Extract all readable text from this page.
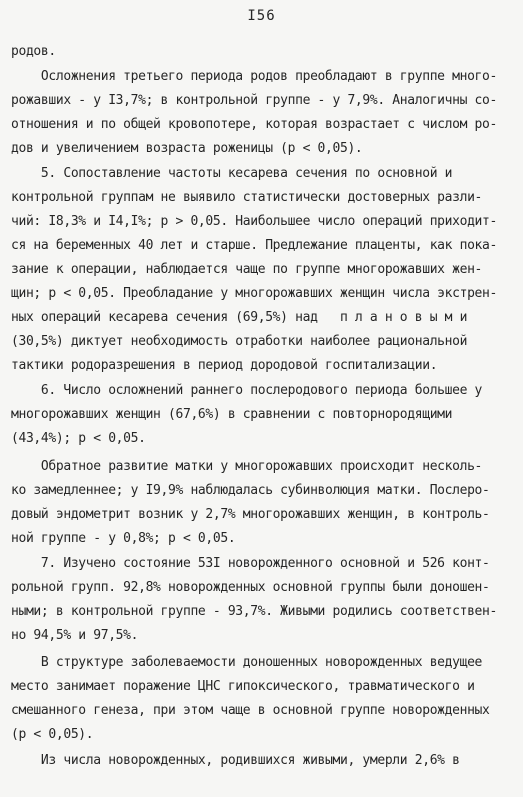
I56
родов.
Осложнения третьего периода родов преобладают в группе много-
рожавших - у I3,7%; в контрольной группе - у 7,9%. Аналогичны со-
отношения и по общей кровопотере, которая возрастает с числом ро-
дов и увеличением возраста роженицы (р < 0,05).
5. Сопоставление частоты кесарева сечения по основной и
контрольной группам не выявило статистически достоверных разли-
чий: I8,3% и I4,I%; р > 0,05. Наибольшее число операций приходит-
ся на беременных 40 лет и старше. Предлежание плаценты, как пока-
зание к операции, наблюдается чаще по группе многорожавших жен-
щин; р < 0,05. Преобладание у многорожавших женщин числа экстрен-
ных операций кесарева сечения (69,5%) над   п л а н о в ы м и
(30,5%) диктует необходимость отработки наиболее рациональной
тактики родоразрешения в период дородовой госпитализации.
6. Число осложнений раннего послеродового периода большее у
многорожавших женщин (67,6%) в сравнении с повторнородящими
(43,4%); р < 0,05.
Обратное развитие матки у многорожавших происходит несколь-
ко замедленнее; у I9,9% наблюдалась субинволюция матки. Послеро-
довый эндометрит возник у 2,7% многорожавших женщин, в контроль-
ной группе - у 0,8%; р < 0,05.
7. Изучено состояние 53I новорожденного основной и 526 конт-
рольной групп. 92,8% новорожденных основной группы были доношен-
ными; в контрольной группе - 93,7%. Живыми родились соответствен-
но 94,5% и 97,5%.
В структуре заболеваемости доношенных новорожденных ведущее
место занимает поражение ЦНС гипоксического, травматического и
смешанного генеза, при этом чаще в основной группе новорожденных
(р < 0,05).
Из числа новорожденных, родившихся живыми, умерли 2,6% в
